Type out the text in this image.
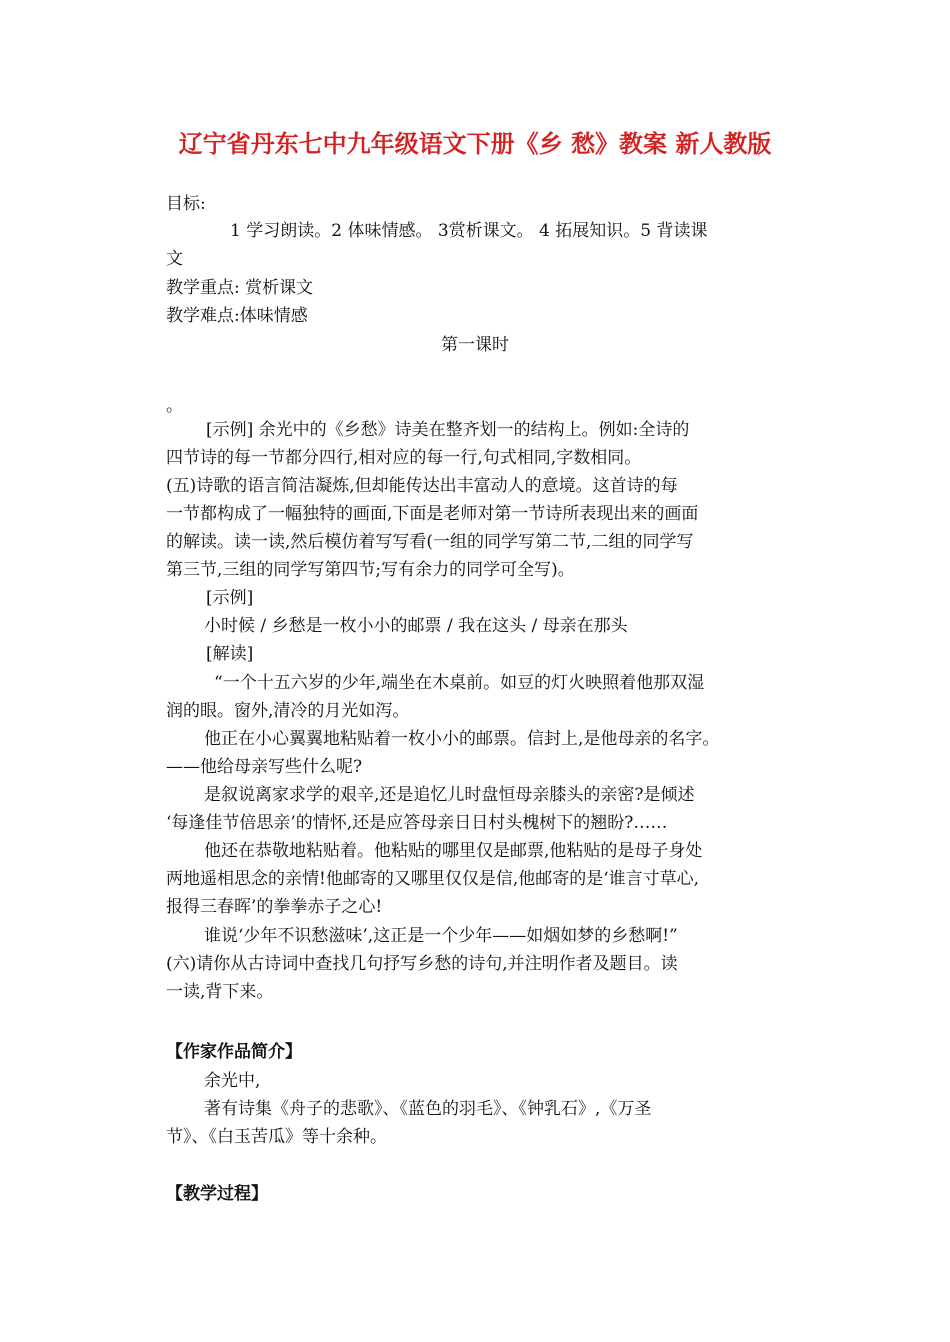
辽宁省丹东七中九年级语文下册《乡 愁》教案 新人教版
目标:
1 学习朗读。2 体味情感。 3赏析课文。 4 拓展知识。5 背读课
文
教学重点: 赏析课文
教学难点:体味情感
第一课时
。
[示例] 余光中的《乡愁》诗美在整齐划一的结构上。例如:全诗的
四节诗的每一节都分四行,相对应的每一行,句式相同,字数相同。
(五)诗歌的语言简洁凝炼,但却能传达出丰富动人的意境。这首诗的每
一节都构成了一幅独特的画面,下面是老师对第一节诗所表现出来的画面
的解读。读一读,然后模仿着写写看(一组的同学写第二节,二组的同学写
第三节,三组的同学写第四节;写有余力的同学可全写)。
[示例]
小时候 / 乡愁是一枚小小的邮票 / 我在这头 / 母亲在那头
[解读]
“一个十五六岁的少年,端坐在木桌前。如豆的灯火映照着他那双湿
润的眼。窗外,清冷的月光如泻。
他正在小心翼翼地粘贴着一枚小小的邮票。信封上,是他母亲的名字。
——他给母亲写些什么呢?
是叙说离家求学的艰辛,还是追忆儿时盘恒母亲膝头的亲密?是倾述
‘每逢佳节倍思亲’的情怀,还是应答母亲日日村头槐树下的翘盼?……
他还在恭敬地粘贴着。他粘贴的哪里仅是邮票,他粘贴的是母子身处
两地遥相思念的亲情!他邮寄的又哪里仅仅是信,他邮寄的是‘谁言寸草心,
报得三春晖’的拳拳赤子之心!
谁说‘少年不识愁滋味’,这正是一个少年——如烟如梦的乡愁啊!”
(六)请你从古诗词中查找几句抒写乡愁的诗句,并注明作者及题目。读
一读,背下来。
【作家作品简介】
余光中,
著有诗集《舟子的悲歌》、《蓝色的羽毛》、《钟乳石》,《万圣
节》、《白玉苦瓜》等十余种。
【教学过程】
